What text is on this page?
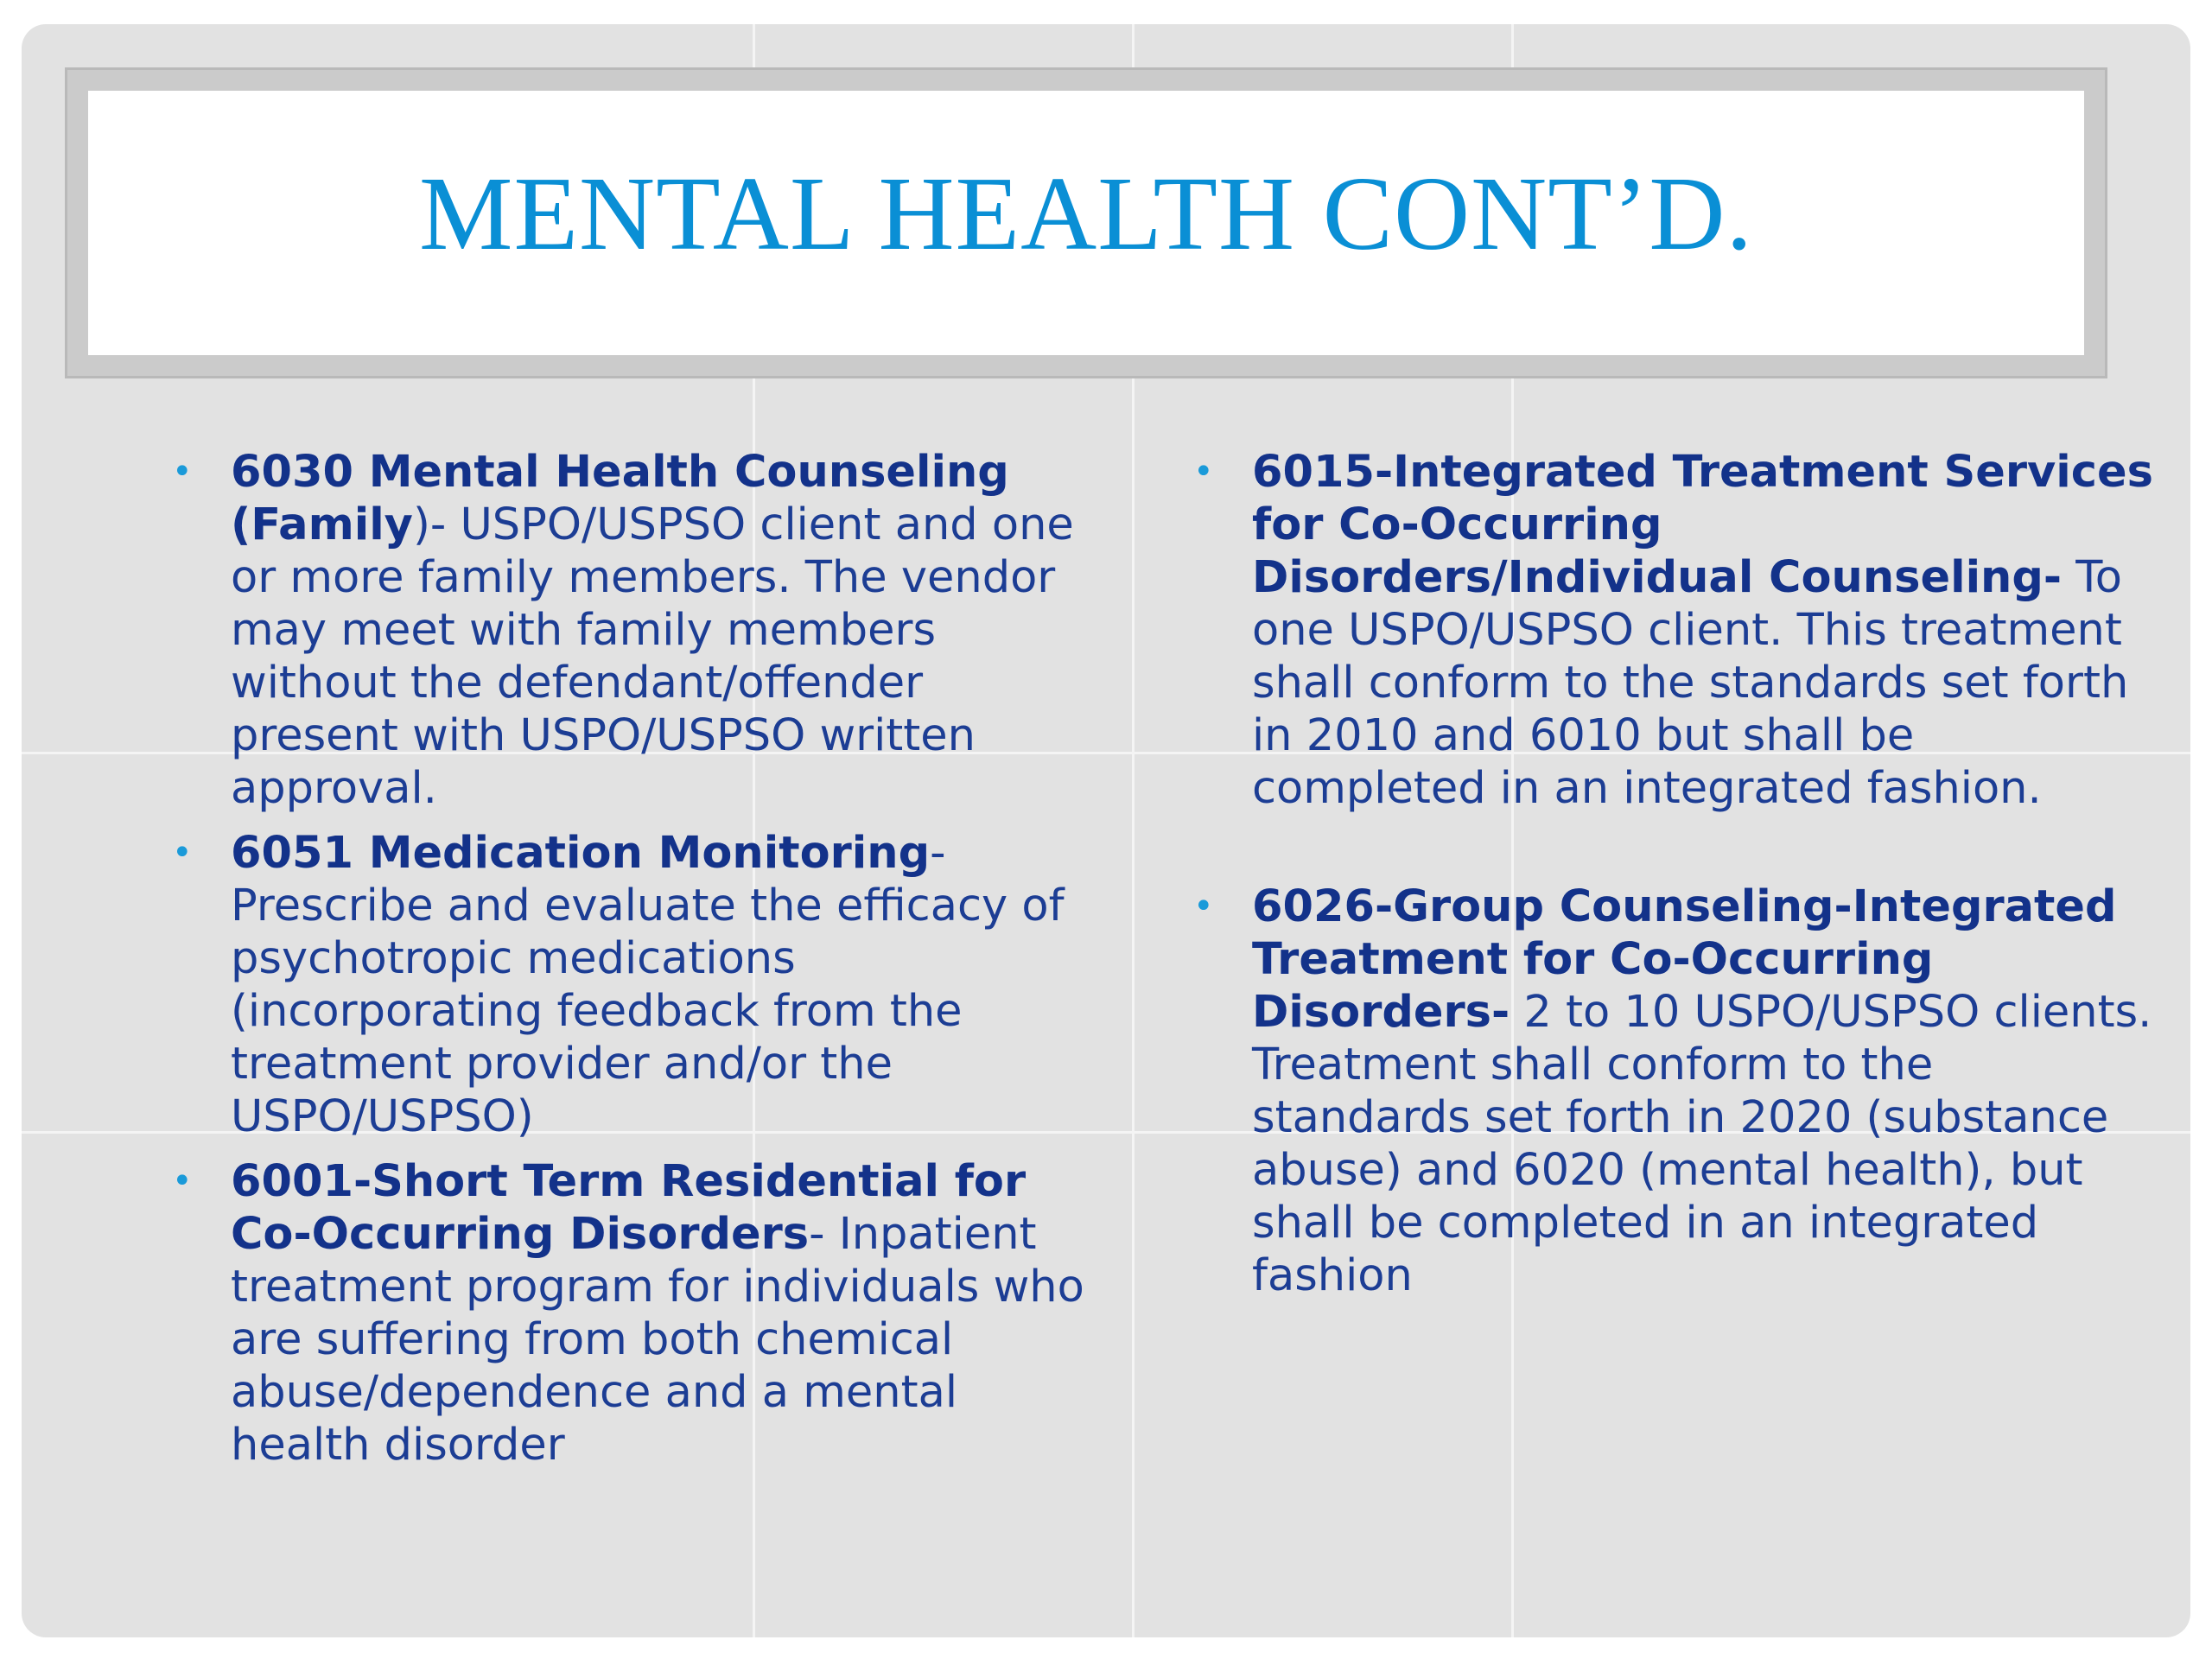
MENTAL HEALTH CONT’D.
• 6030 Mental Health Counseling (Family)- USPO/USPSO client and one or more family members. The vendor may meet with family members without the defendant/offender present with USPO/USPSO written approval.
• 6051 Medication Monitoring- Prescribe and evaluate the efficacy of psychotropic medications (incorporating feedback from the treatment provider and/or the USPO/USPSO)
• 6001-Short Term Residential for Co-Occurring Disorders- Inpatient treatment program for individuals who are suffering from both chemical abuse/dependence and a mental health disorder
• 6015-Integrated Treatment Services for Co-Occurring Disorders/Individual Counseling- To one USPO/USPSO client. This treatment shall conform to the standards set forth in 2010 and 6010 but shall be completed in an integrated fashion.
• 6026-Group Counseling-Integrated Treatment for Co-Occurring Disorders- 2 to 10 USPO/USPSO clients. Treatment shall conform to the standards set forth in 2020 (substance abuse) and 6020 (mental health), but shall be completed in an integrated fashion
